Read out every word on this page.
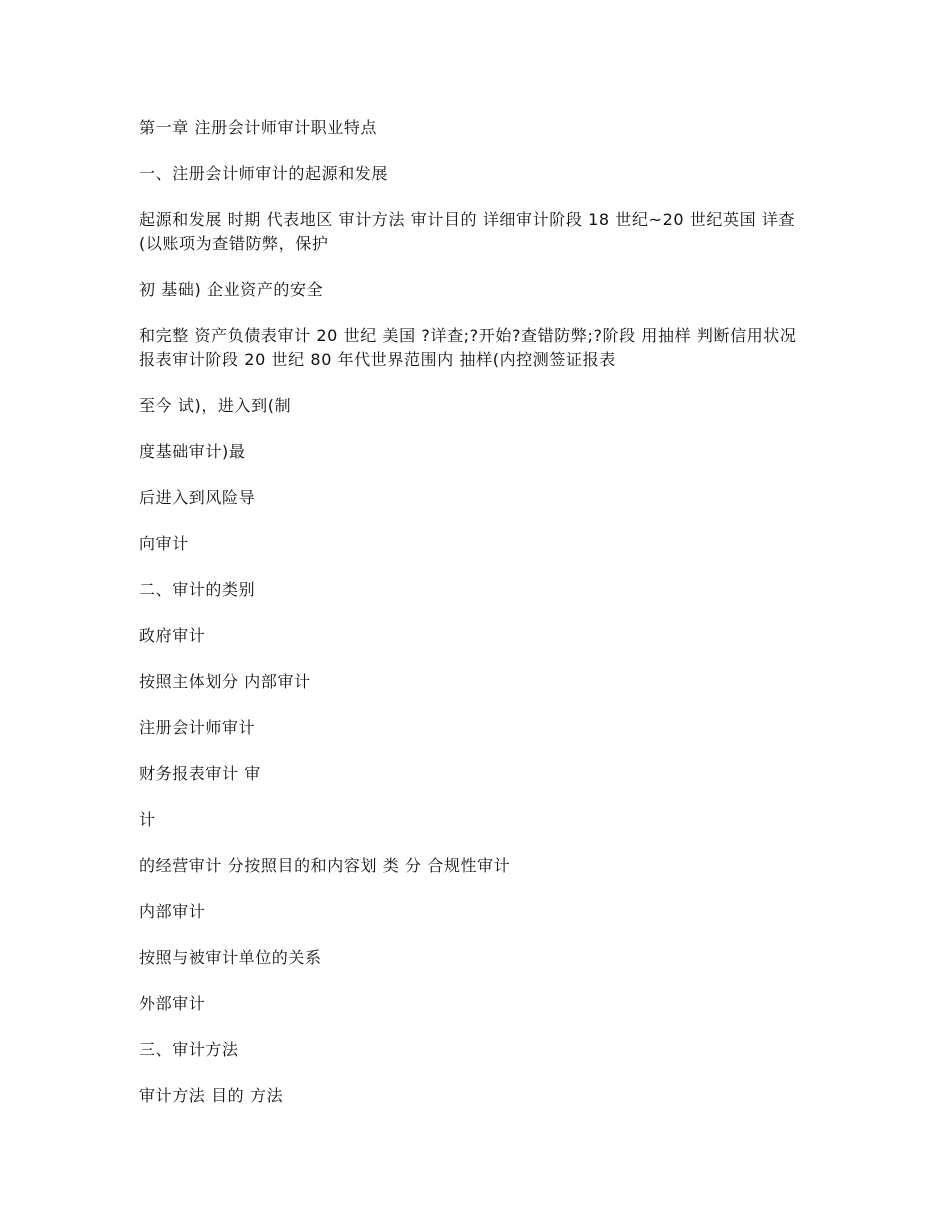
第一章 注册会计师审计职业特点

一、注册会计师审计的起源和发展

起源和发展 时期 代表地区 审计方法 审计目的 详细审计阶段 18 世纪~20 世纪英国 详查(以账项为查错防弊，保护

初 基础) 企业资产的安全

和完整 资产负债表审计 20 世纪 美国 ?详查;?开始?查错防弊;?阶段 用抽样 判断信用状况 报表审计阶段 20 世纪 80 年代世界范围内 抽样(内控测签证报表

至今 试)，进入到(制

度基础审计)最

后进入到风险导

向审计

二、审计的类别

政府审计

按照主体划分 内部审计

注册会计师审计

财务报表审计 审

计

的经营审计 分按照目的和内容划 类 分 合规性审计

内部审计

按照与被审计单位的关系

外部审计

三、审计方法

审计方法 目的 方法
